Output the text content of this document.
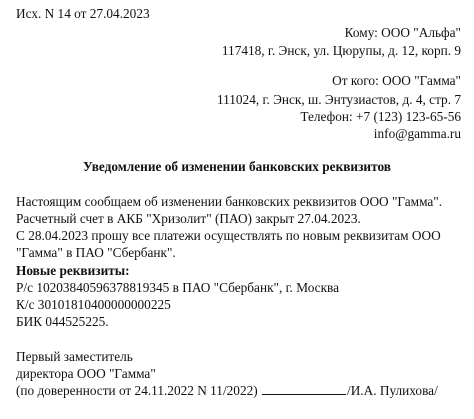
Исх. N 14 от 27.04.2023
Кому: ООО "Альфа"
117418, г. Энск, ул. Цюрупы, д. 12, корп. 9
От кого: ООО "Гамма"
111024, г. Энск, ш. Энтузиастов, д. 4, стр. 7
Телефон: +7 (123) 123-65-56
info@gamma.ru
Уведомление об изменении банковских реквизитов
Настоящим сообщаем об изменении банковских реквизитов ООО "Гамма".
Расчетный счет в АКБ "Хризолит" (ПАО) закрыт 27.04.2023.
С 28.04.2023 прошу все платежи осуществлять по новым реквизитам ООО
"Гамма" в ПАО "Сбербанк".
Новые реквизиты:
Р/с 10203840596378819345 в ПАО "Сбербанк", г. Москва
К/с 30101810400000000225
БИК 044525225.
Первый заместитель
директора ООО "Гамма"
(по доверенности от 24.11.2022 N 11/2022)	/И.А. Пулихова/
